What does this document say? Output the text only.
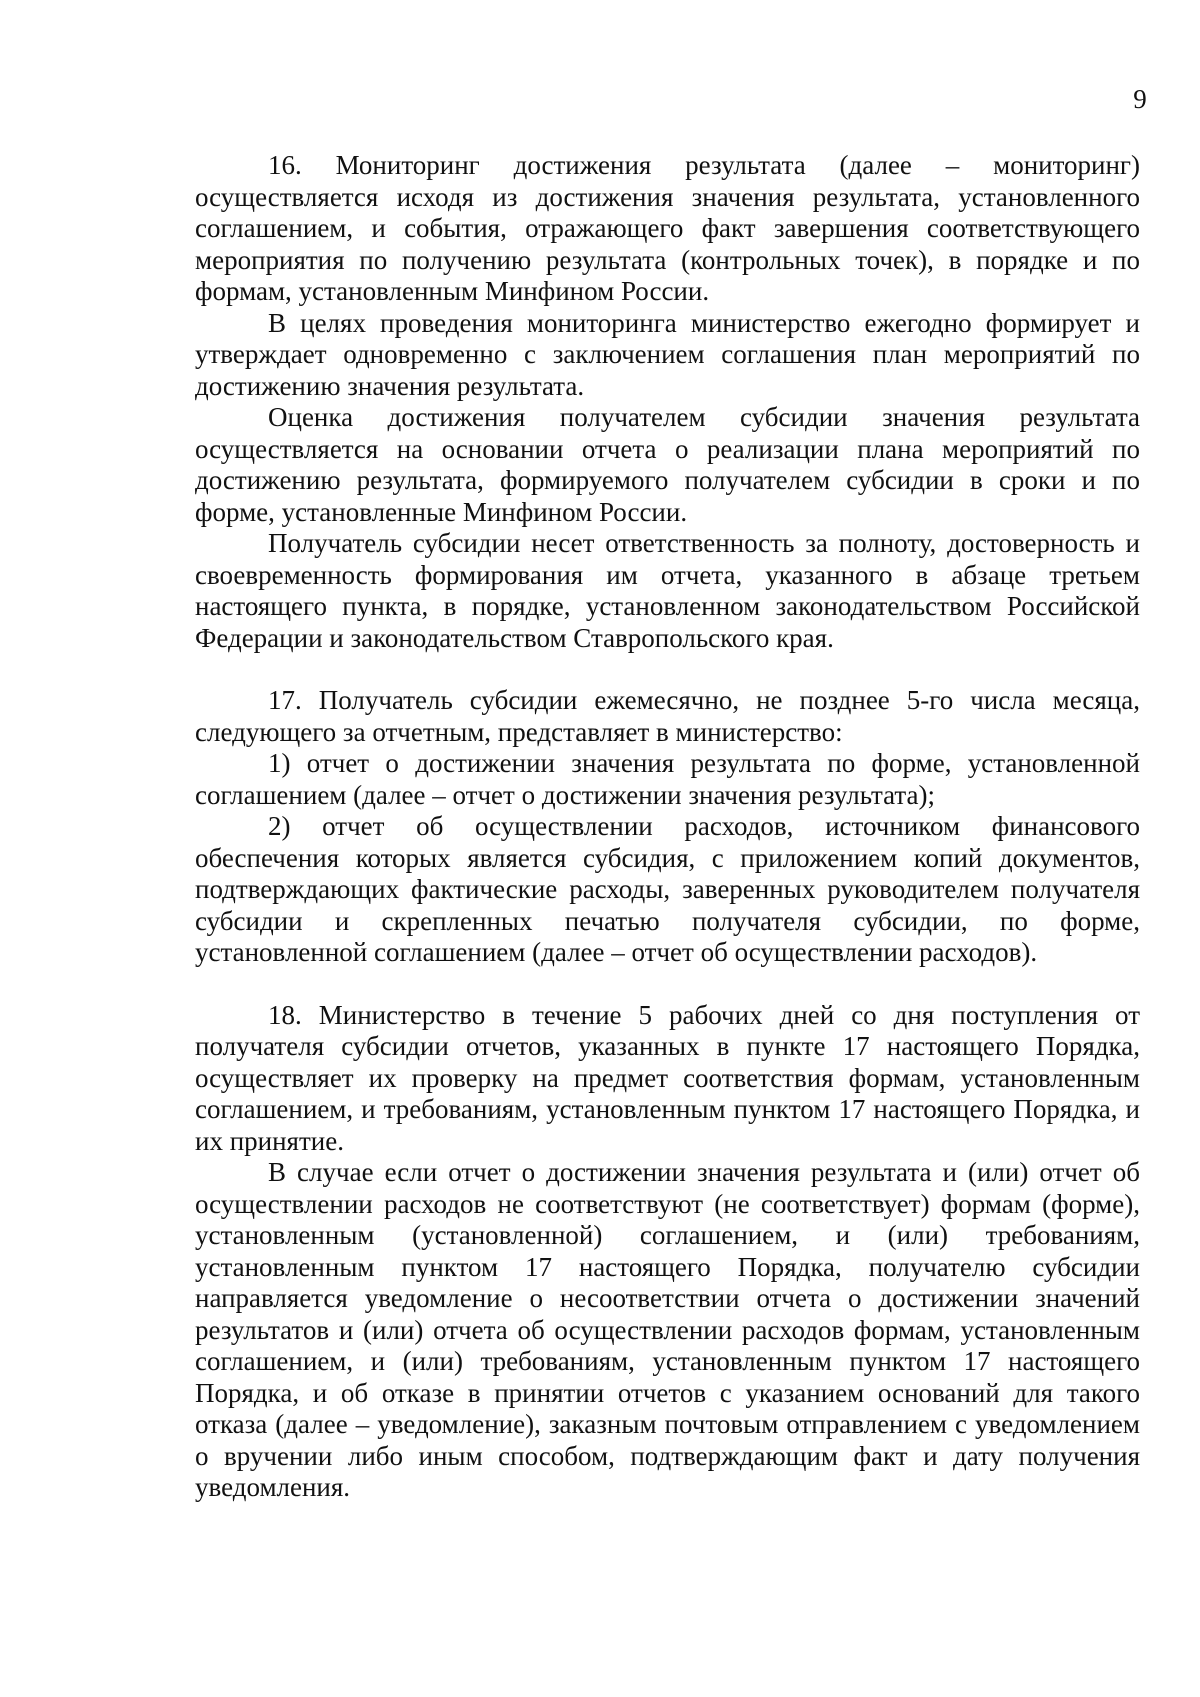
9

16. Мониторинг достижения результата (далее – мониторинг) осуществляется исходя из достижения значения результата, установленного соглашением, и события, отражающего факт завершения соответствующего мероприятия по получению результата (контрольных точек), в порядке и по формам, установленным Минфином России.

В целях проведения мониторинга министерство ежегодно формирует и утверждает одновременно с заключением соглашения план мероприятий по достижению значения результата.

Оценка достижения получателем субсидии значения результата осуществляется на основании отчета о реализации плана мероприятий по достижению результата, формируемого получателем субсидии в сроки и по форме, установленные Минфином России.

Получатель субсидии несет ответственность за полноту, достоверность и своевременность формирования им отчета, указанного в абзаце третьем настоящего пункта, в порядке, установленном законодательством Российской Федерации и законодательством Ставропольского края.

17. Получатель субсидии ежемесячно, не позднее 5-го числа месяца, следующего за отчетным, представляет в министерство:

1) отчет о достижении значения результата по форме, установленной соглашением (далее – отчет о достижении значения результата);

2) отчет об осуществлении расходов, источником финансового обеспечения которых является субсидия, с приложением копий документов, подтверждающих фактические расходы, заверенных руководителем получателя субсидии и скрепленных печатью получателя субсидии, по форме, установленной соглашением (далее – отчет об осуществлении расходов).

18. Министерство в течение 5 рабочих дней со дня поступления от получателя субсидии отчетов, указанных в пункте 17 настоящего Порядка, осуществляет их проверку на предмет соответствия формам, установленным соглашением, и требованиям, установленным пунктом 17 настоящего Порядка, и их принятие.

В случае если отчет о достижении значения результата и (или) отчет об осуществлении расходов не соответствуют (не соответствует) формам (форме), установленным (установленной) соглашением, и (или) требованиям, установленным пунктом 17 настоящего Порядка, получателю субсидии направляется уведомление о несоответствии отчета о достижении значений результатов и (или) отчета об осуществлении расходов формам, установленным соглашением, и (или) требованиям, установленным пунктом 17 настоящего Порядка, и об отказе в принятии отчетов с указанием оснований для такого отказа (далее – уведомление), заказным почтовым отправлением с уведомлением о вручении либо иным способом, подтверждающим факт и дату получения уведомления.
